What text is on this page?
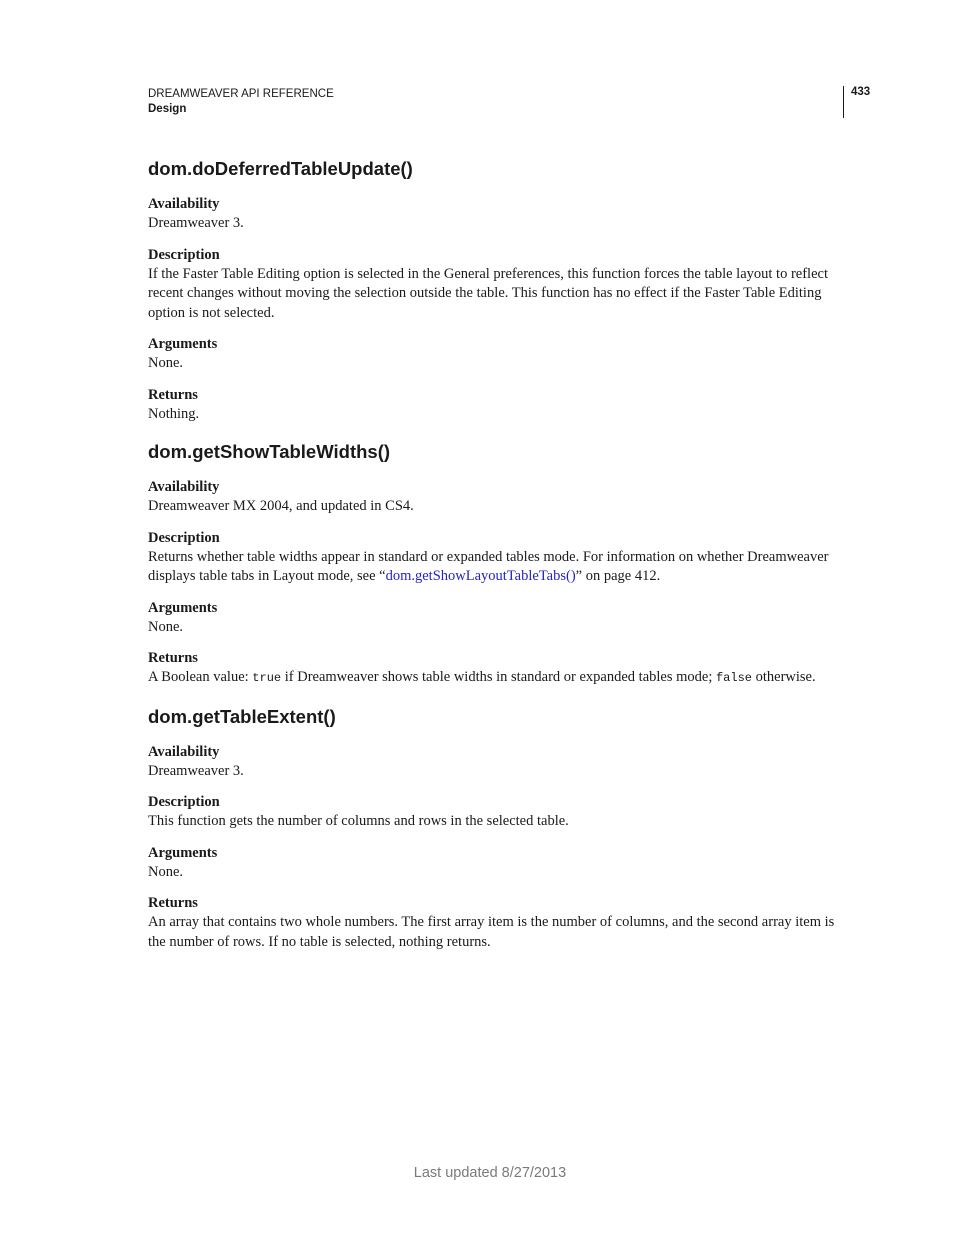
DREAMWEAVER API REFERENCE
Design
433
dom.doDeferredTableUpdate()
Availability
Dreamweaver 3.
Description
If the Faster Table Editing option is selected in the General preferences, this function forces the table layout to reflect recent changes without moving the selection outside the table. This function has no effect if the Faster Table Editing option is not selected.
Arguments
None.
Returns
Nothing.
dom.getShowTableWidths()
Availability
Dreamweaver MX 2004, and updated in CS4.
Description
Returns whether table widths appear in standard or expanded tables mode. For information on whether Dreamweaver displays table tabs in Layout mode, see “dom.getShowLayoutTableTabs()” on page 412.
Arguments
None.
Returns
A Boolean value: true if Dreamweaver shows table widths in standard or expanded tables mode; false otherwise.
dom.getTableExtent()
Availability
Dreamweaver 3.
Description
This function gets the number of columns and rows in the selected table.
Arguments
None.
Returns
An array that contains two whole numbers. The first array item is the number of columns, and the second array item is the number of rows. If no table is selected, nothing returns.
Last updated 8/27/2013
